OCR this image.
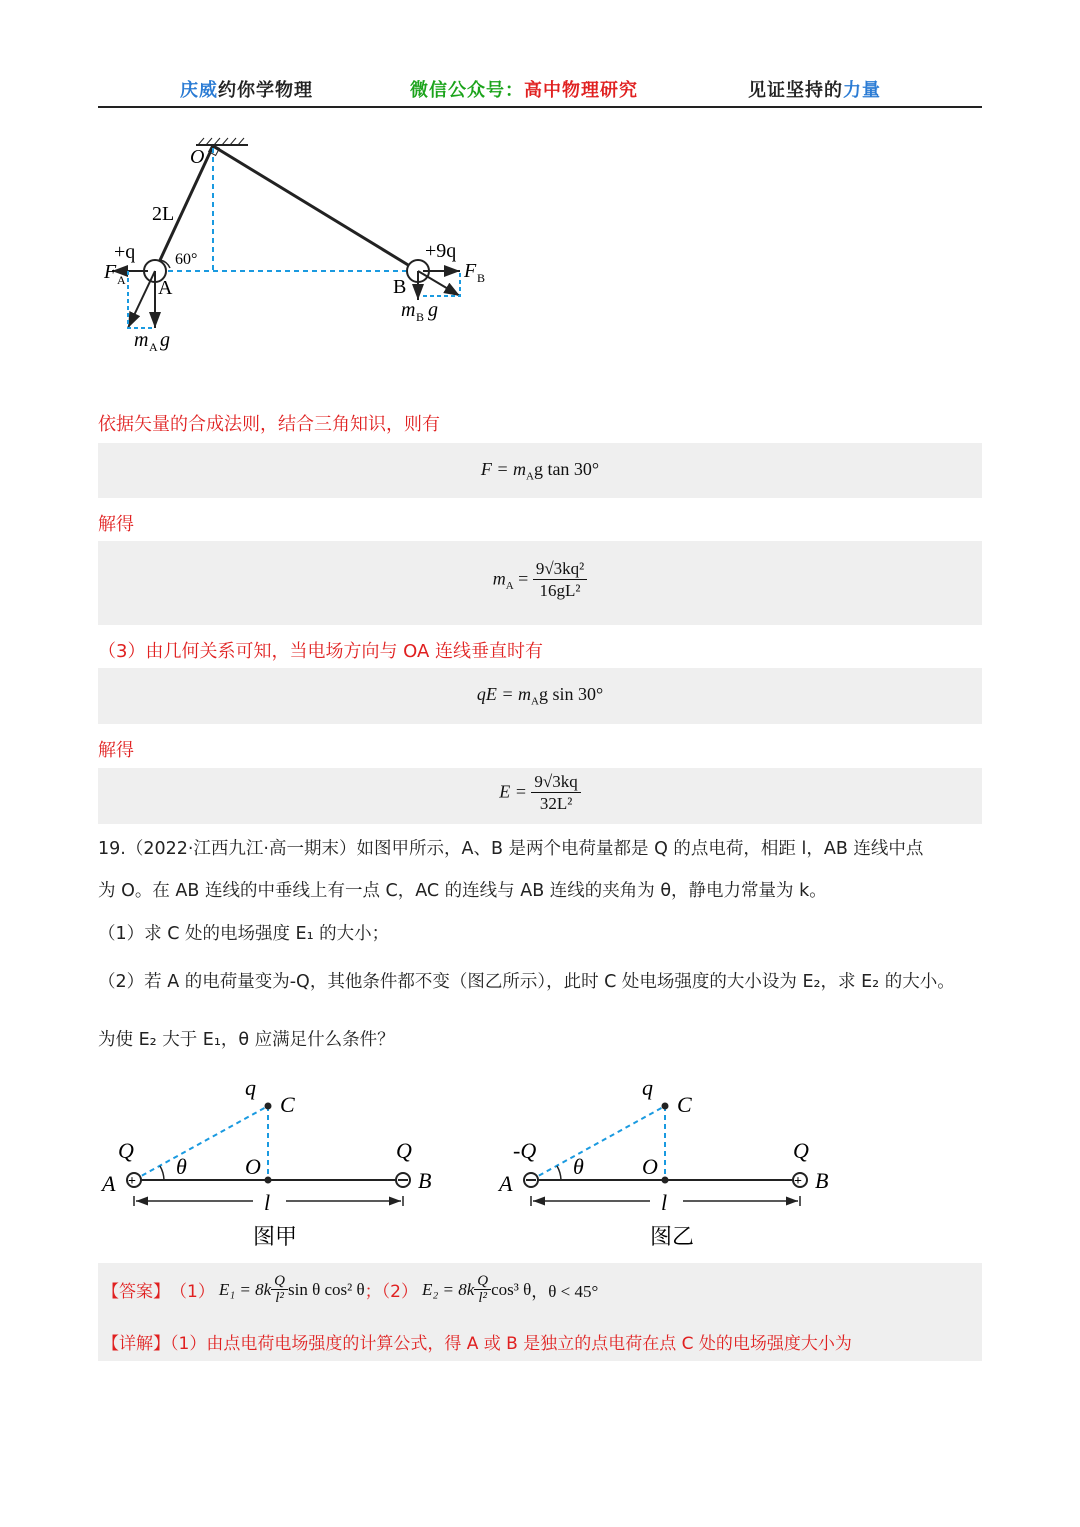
庆威约你学物理	微信公众号：高中物理研究	见证坚持的力量
O
2L
+q 60°
F A A
m A g
+9q
F B
B
m B g
依据矢量的合成法则，结合三角知识，则有
$F = m_Ag$ tan 30°
解得
$m_A = \frac{\text{9√3kq²}}{\text{16gL²}}$
（3）由几何关系可知，当电场方向与 OA 连线垂直时有
qE = $m_Ag$ sin 30°
解得
$E = \frac{9√3kq}{\text{32L²}}$
19.（2022·江西九江·高一期末）如图甲所示，A、B 是两个电荷量都是 Q 的点电荷，相距 l，AB 连线中点
为 O。在 AB 连线的中垂线上有一点 C，AC 的连线与 AB 连线的夹角为 θ，静电力常量为 k。
（1）求 C 处的电场强度 E₁ 的大小；
（2）若 A 的电荷量变为-Q，其他条件都不变（图乙所示），此时 C 处电场强度的大小设为 E₂，求 E₂ 的大小。
为使 E₂ 大于 E₁，θ 应满足什么条件？
+
q
C
Q
A
θ	O
Q
B
l
图甲
+
q
C
-Q
A
θ	O
Q
B
l
图乙
【答案】 （1） $E_1 = 8k \frac{Q}{\text{l²}}$ sin θ cos² θ ；（2） $E_2 = 8k \frac{Q}{\text{l²}} \cos^3$ θ ，θ < 45°
【详解】（1）由点电荷电场强度的计算公式，得 A 或 B 是独立的点电荷在点 C 处的电场强度大小为
